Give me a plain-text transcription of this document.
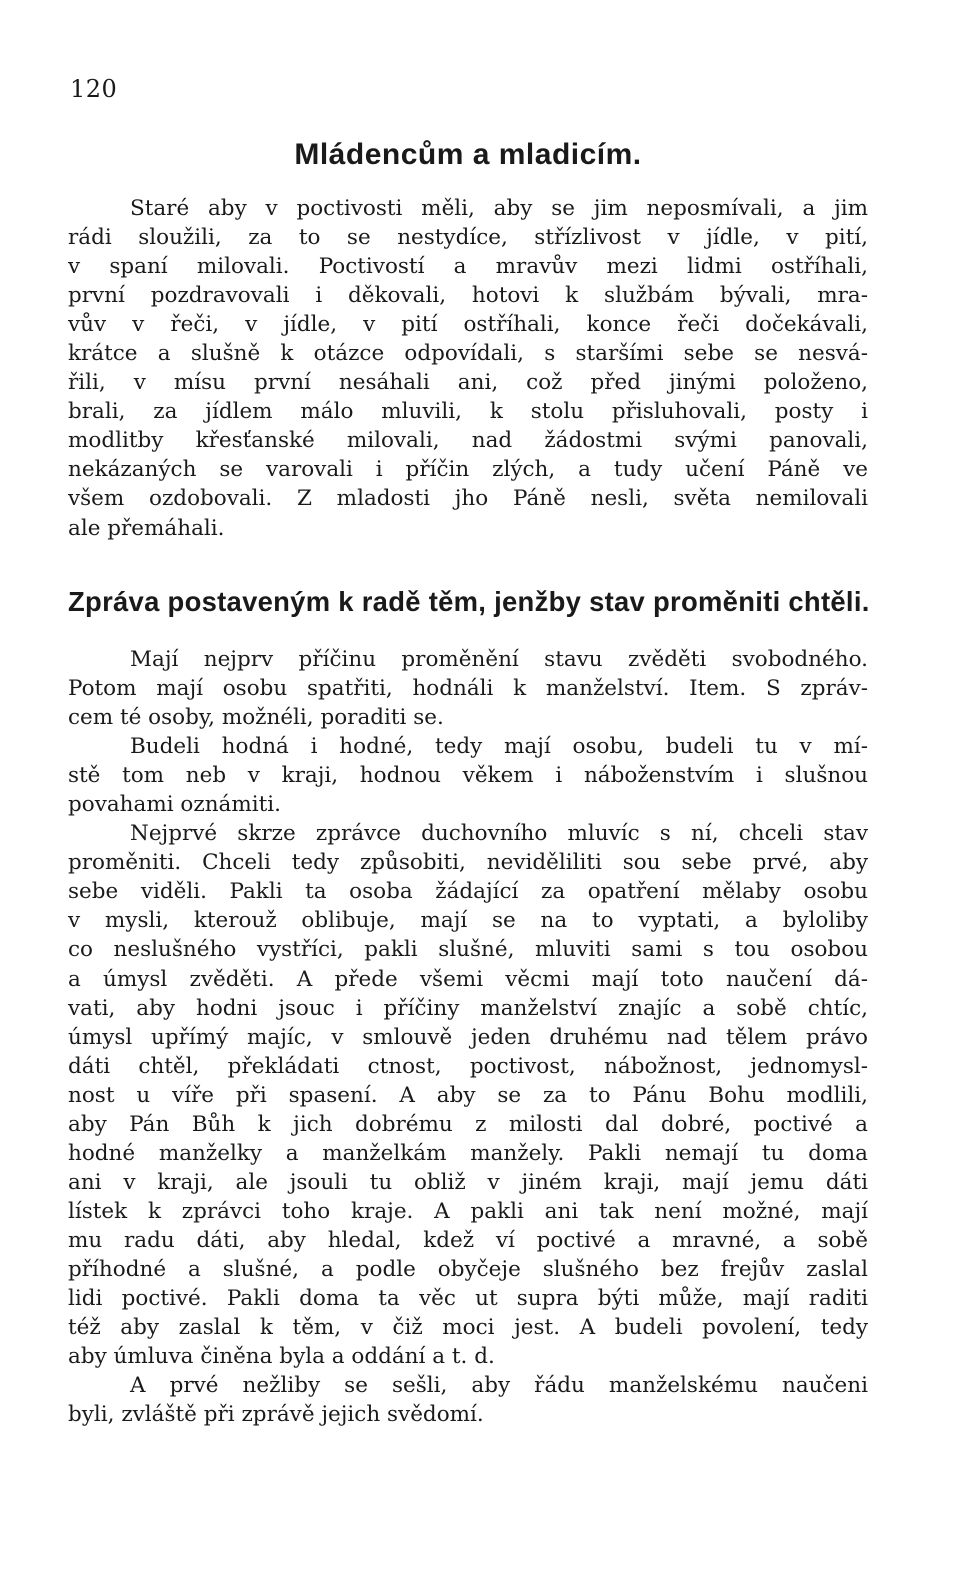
120
Mládencům a mladicím.
Staré aby v poctivosti měli, aby se jim neposmívali, a jim
rádi sloužili, za to se nestydíce, střízlivost v jídle, v pití,
v spaní milovali. Poctivostí a mravův mezi lidmi ostříhali,
první pozdravovali i děkovali, hotovi k službám bývali, mra-
vův v řeči, v jídle, v pití ostříhali, konce řeči dočekávali,
krátce a slušně k otázce odpovídali, s staršími sebe se nesvá-
řili, v mísu první nesáhali ani, což před jinými položeno,
brali, za jídlem málo mluvili, k stolu přisluhovali, posty i
modlitby křesťanské milovali, nad žádostmi svými panovali,
nekázaných se varovali i příčin zlých, a tudy učení Páně ve
všem ozdobovali. Z mladosti jho Páně nesli, světa nemilovali
ale přemáhali.
Zpráva postaveným k radě těm, jenžby stav proměniti chtěli.
Mají nejprv příčinu proměnění stavu zvěděti svobodného.
Potom mají osobu spatřiti, hodnáli k manželství. Item. S zpráv-
cem té osoby, možnéli, poraditi se.
Budeli hodná i hodné, tedy mají osobu, budeli tu v mí-
stě tom neb v kraji, hodnou věkem i náboženstvím i slušnou
povahami oznámiti.
Nejprvé skrze zprávce duchovního mluvíc s ní, chceli stav
proměniti. Chceli tedy způsobiti, neviděliliti sou sebe prvé, aby
sebe viděli. Pakli ta osoba žádající za opatření mělaby osobu
v mysli, kterouž oblibuje, mají se na to vyptati, a byloliby
co neslušného vystříci, pakli slušné, mluviti sami s tou osobou
a úmysl zvěděti. A přede všemi věcmi mají toto naučení dá-
vati, aby hodni jsouc i příčiny manželství znajíc a sobě chtíc,
úmysl upřímý majíc, v smlouvě jeden druhému nad tělem právo
dáti chtěl, překládati ctnost, poctivost, nábožnost, jednomysl-
nost u víře při spasení. A aby se za to Pánu Bohu modlili,
aby Pán Bůh k jich dobrému z milosti dal dobré, poctivé a
hodné manželky a manželkám manžely. Pakli nemají tu doma
ani v kraji, ale jsouli tu obliž v jiném kraji, mají jemu dáti
lístek k zprávci toho kraje. A pakli ani tak není možné, mají
mu radu dáti, aby hledal, kdež ví poctivé a mravné, a sobě
příhodné a slušné, a podle obyčeje slušného bez frejův zaslal
lidi poctivé. Pakli doma ta věc ut supra býti může, mají raditi
též aby zaslal k těm, v čiž moci jest. A budeli povolení, tedy
aby úmluva činěna byla a oddání a t. d.
A prvé nežliby se sešli, aby řádu manželskému naučeni
byli, zvláště při zprávě jejich svědomí.
